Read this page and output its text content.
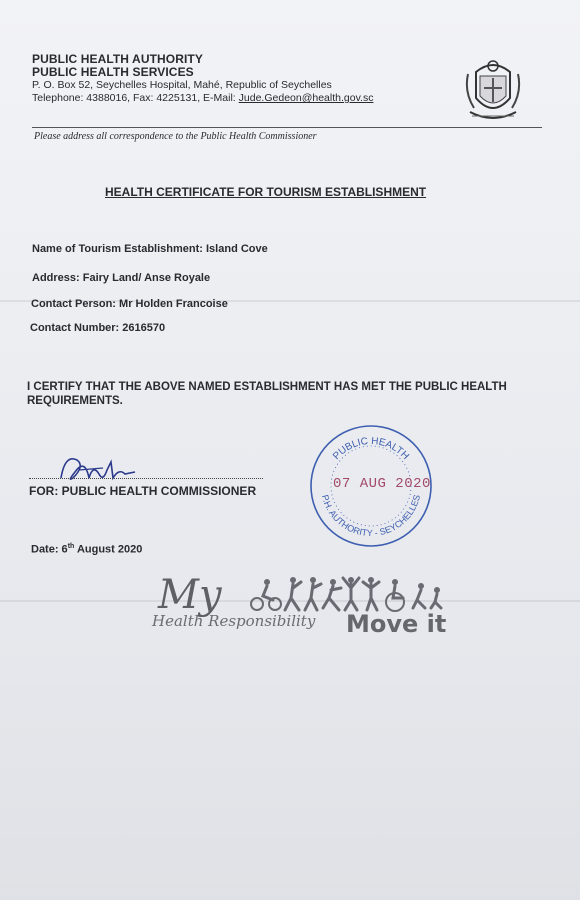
PUBLIC HEALTH AUTHORITY
PUBLIC HEALTH SERVICES
P. O. Box 52, Seychelles Hospital, Mahé, Republic of Seychelles
Telephone: 4388016, Fax: 4225131, E-Mail: Jude.Gedeon@health.gov.sc
Please address all correspondence to the Public Health Commissioner
HEALTH CERTIFICATE FOR TOURISM ESTABLISHMENT
Name of Tourism Establishment: Island Cove
Address: Fairy Land/ Anse Royale
Contact Person: Mr Holden Francoise
Contact Number: 2616570
I CERTIFY THAT THE ABOVE NAMED ESTABLISHMENT HAS MET THE PUBLIC HEALTH REQUIREMENTS.
FOR: PUBLIC HEALTH COMMISSIONER
Date: 6th August 2020
PUBLIC HEALTH
P.H. AUTHORITY - SEYCHELLES
07 AUG 2020
My
Health Responsibility Move it
